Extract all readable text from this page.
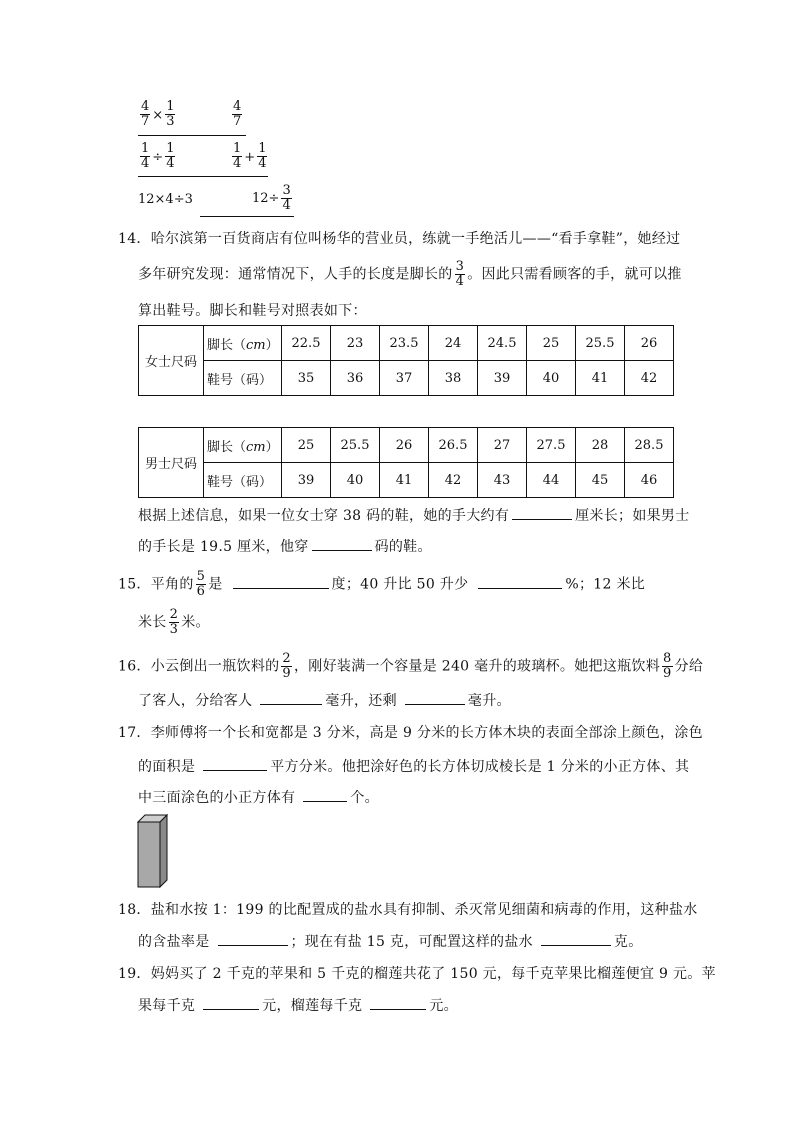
$\frac{4}{7} \times \frac{1}{3}$	$\frac{4}{7}$
$\frac{1}{4} \div \frac{1}{4}$	$\frac{1}{4} + \frac{1}{4}$
12×4÷3	$12\div \frac{3}{4}$
14．哈尔滨第一百货商店有位叫杨华的营业员，练就一手绝活儿——“看手拿鞋”，她经过
多年研究发现：通常情况下，人手的长度是脚长的 $\frac{3}{4}$ 。因此只需看顾客的手，就可以推
算出鞋号。脚长和鞋号对照表如下：
女士尺码	脚长（cm）	22.5	23	23.5	24	24.5	25	25.5	26
	鞋号（码）	35	36	37	38	39	40	41	42
男士尺码	脚长（cm）	25	25.5	26	26.5	27	27.5	28	28.5
	鞋号（码）	39	40	41	42	43	44	45	46
根据上述信息，如果一位女士穿 38 码的鞋，她的手大约有	厘米长；如果男士
的手长是 19.5 厘米，他穿	码的鞋。
15．平角的 $\frac{5}{6}$ 是	度；40 升比 50 升少	%；12 米比
米长 $\frac{2}{3}$ 米。
16．小云倒出一瓶饮料的 $\frac{2}{9}$ ，刚好装满一个容量是 240 毫升的玻璃杯。她把这瓶饮料 $\frac{8}{9}$ 分给
了客人，分给客人	毫升，还剩	毫升。
17．李师傅将一个长和宽都是 3 分米，高是 9 分米的长方体木块的表面全部涂上颜色，涂色
的面积是	平方分米。他把涂好色的长方体切成棱长是 1 分米的小正方体、其
中三面涂色的小正方体有	个。
18．盐和水按 1：199 的比配置成的盐水具有抑制、杀灭常见细菌和病毒的作用，这种盐水
的含盐率是	；现在有盐 15 克，可配置这样的盐水	克。
19．妈妈买了 2 千克的苹果和 5 千克的榴莲共花了 150 元，每千克苹果比榴莲便宜 9 元。苹
果每千克	元，榴莲每千克	元。
